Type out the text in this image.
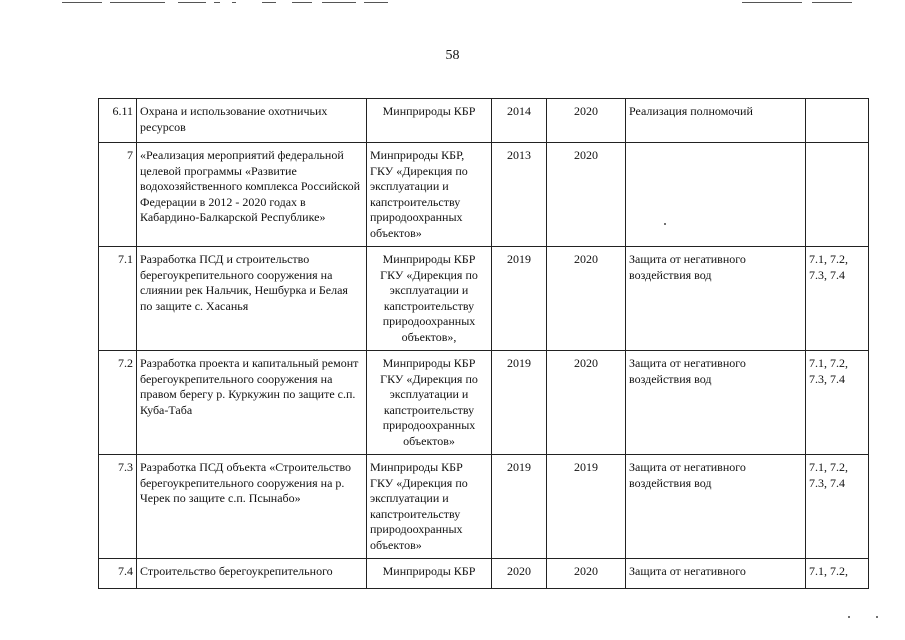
58
6.11	Охрана и использование охотничьих ресурсов	Минприроды КБР	2014	2020	Реализация полномочий	
7	«Реализация мероприятий федеральной целевой программы «Развитие водохозяйственного комплекса Российской Федерации в 2012 - 2020 годах в Кабардино-Балкарской Республике»	Минприроды КБР, ГКУ «Дирекция по эксплуатации и капстроительству природоохранных объектов»	2013	2020		
7.1	Разработка ПСД и строительство берегоукрепительного сооружения на слиянии рек Нальчик, Нешбурка и Белая по защите с. Хасанья	Минприроды КБР ГКУ «Дирекция по эксплуатации и капстроительству природоохранных объектов»,	2019	2020	Защита от негативного воздействия вод	7.1, 7.2, 7.3, 7.4
7.2	Разработка проекта и капитальный ремонт берегоукрепительного сооружения на правом берегу р. Куркужин по защите с.п. Куба-Таба	Минприроды КБР ГКУ «Дирекция по эксплуатации и капстроительству природоохранных объектов»	2019	2020	Защита от негативного воздействия вод	7.1, 7.2, 7.3, 7.4
7.3	Разработка ПСД объекта «Строительство берегоукрепительного сооружения на р. Черек по защите с.п. Псынабо»	Минприроды КБР ГКУ «Дирекция по эксплуатации и капстроительству природоохранных объектов»	2019	2019	Защита от негативного воздействия вод	7.1, 7.2, 7.3, 7.4
7.4	Строительство берегоукрепительного	Минприроды КБР	2020	2020	Защита от негативного	7.1, 7.2,
